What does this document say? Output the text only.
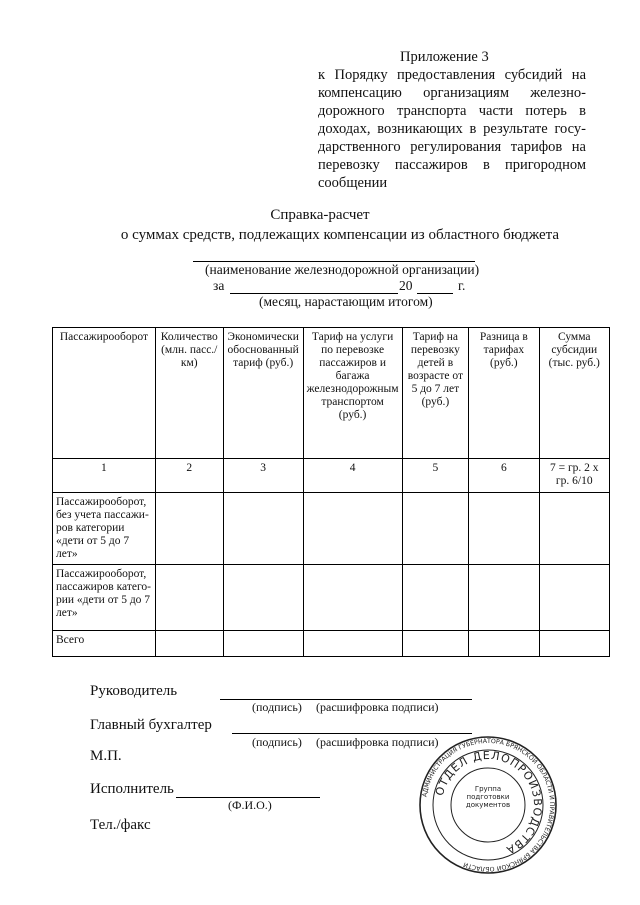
Приложение 3
к Порядку предоставления субсидий на компенсацию организациям железно-дорожного транспорта части потерь в доходах, возникающих в результате госу-дарственного регулирования тарифов на перевозку пассажиров в пригородном сообщении
Справка-расчет
о суммах средств, подлежащих компенсации из областного бюджета
(наименование железнодорожной организации)
за	20	г.
(месяц, нарастающим итогом)
Пассажирооборот	Количество (млн. пасс./км)	Экономически обоснованный тариф (руб.)	Тариф на услуги по перевозке пассажиров и багажа железнодорожным транспортом (руб.)	Тариф на перевозку детей в возрасте от 5 до 7 лет (руб.)	Разница в тарифах (руб.)	Сумма субсидии (тыс. руб.)
1	2	3	4	5	6	7 = гр. 2 х гр. 6/10
Пассажирооборот, без учета пассажи-ров категории «дети от 5 до 7 лет»						
Пассажирооборот, пассажиров катего-рии «дети от 5 до 7 лет»						
Всего						
Руководитель
(подпись) (расшифровка подписи)
Главный бухгалтер
(подпись) (расшифровка подписи)
М.П.
Исполнитель
(Ф.И.О.)
Тел./факс
АДМИНИСТРАЦИЯ ГУБЕРНАТОРА БРЯНСКОЙ ОБЛАСТИ И ПРАВИТЕЛЬСТВА БРЯНСКОЙ ОБЛАСТИ
ОТДЕЛ ДЕЛОПРОИЗВОДСТВА
Группа подготовки документов
